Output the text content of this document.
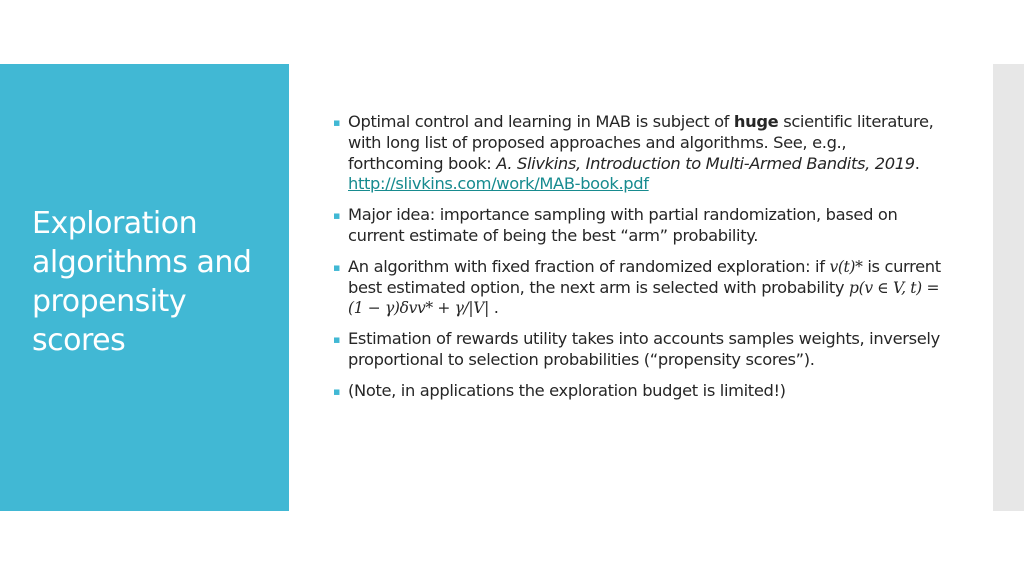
Exploration algorithms and propensity scores
▪ Optimal control and learning in MAB is subject of huge scientific literature, with long list of proposed approaches and algorithms. See, e.g., forthcoming book: A. Slivkins, Introduction to Multi-Armed Bandits, 2019. http://slivkins.com/work/MAB-book.pdf
▪ Major idea: importance sampling with partial randomization, based on current estimate of being the best “arm” probability.
▪ An algorithm with fixed fraction of randomized exploration: if v(t)* is current best estimated option, the next arm is selected with probability p(v ∈ V, t) = (1 − γ)δvv* + γ/|V| .
▪ Estimation of rewards utility takes into accounts samples weights, inversely proportional to selection probabilities (“propensity scores”).
▪ (Note, in applications the exploration budget is limited!)
